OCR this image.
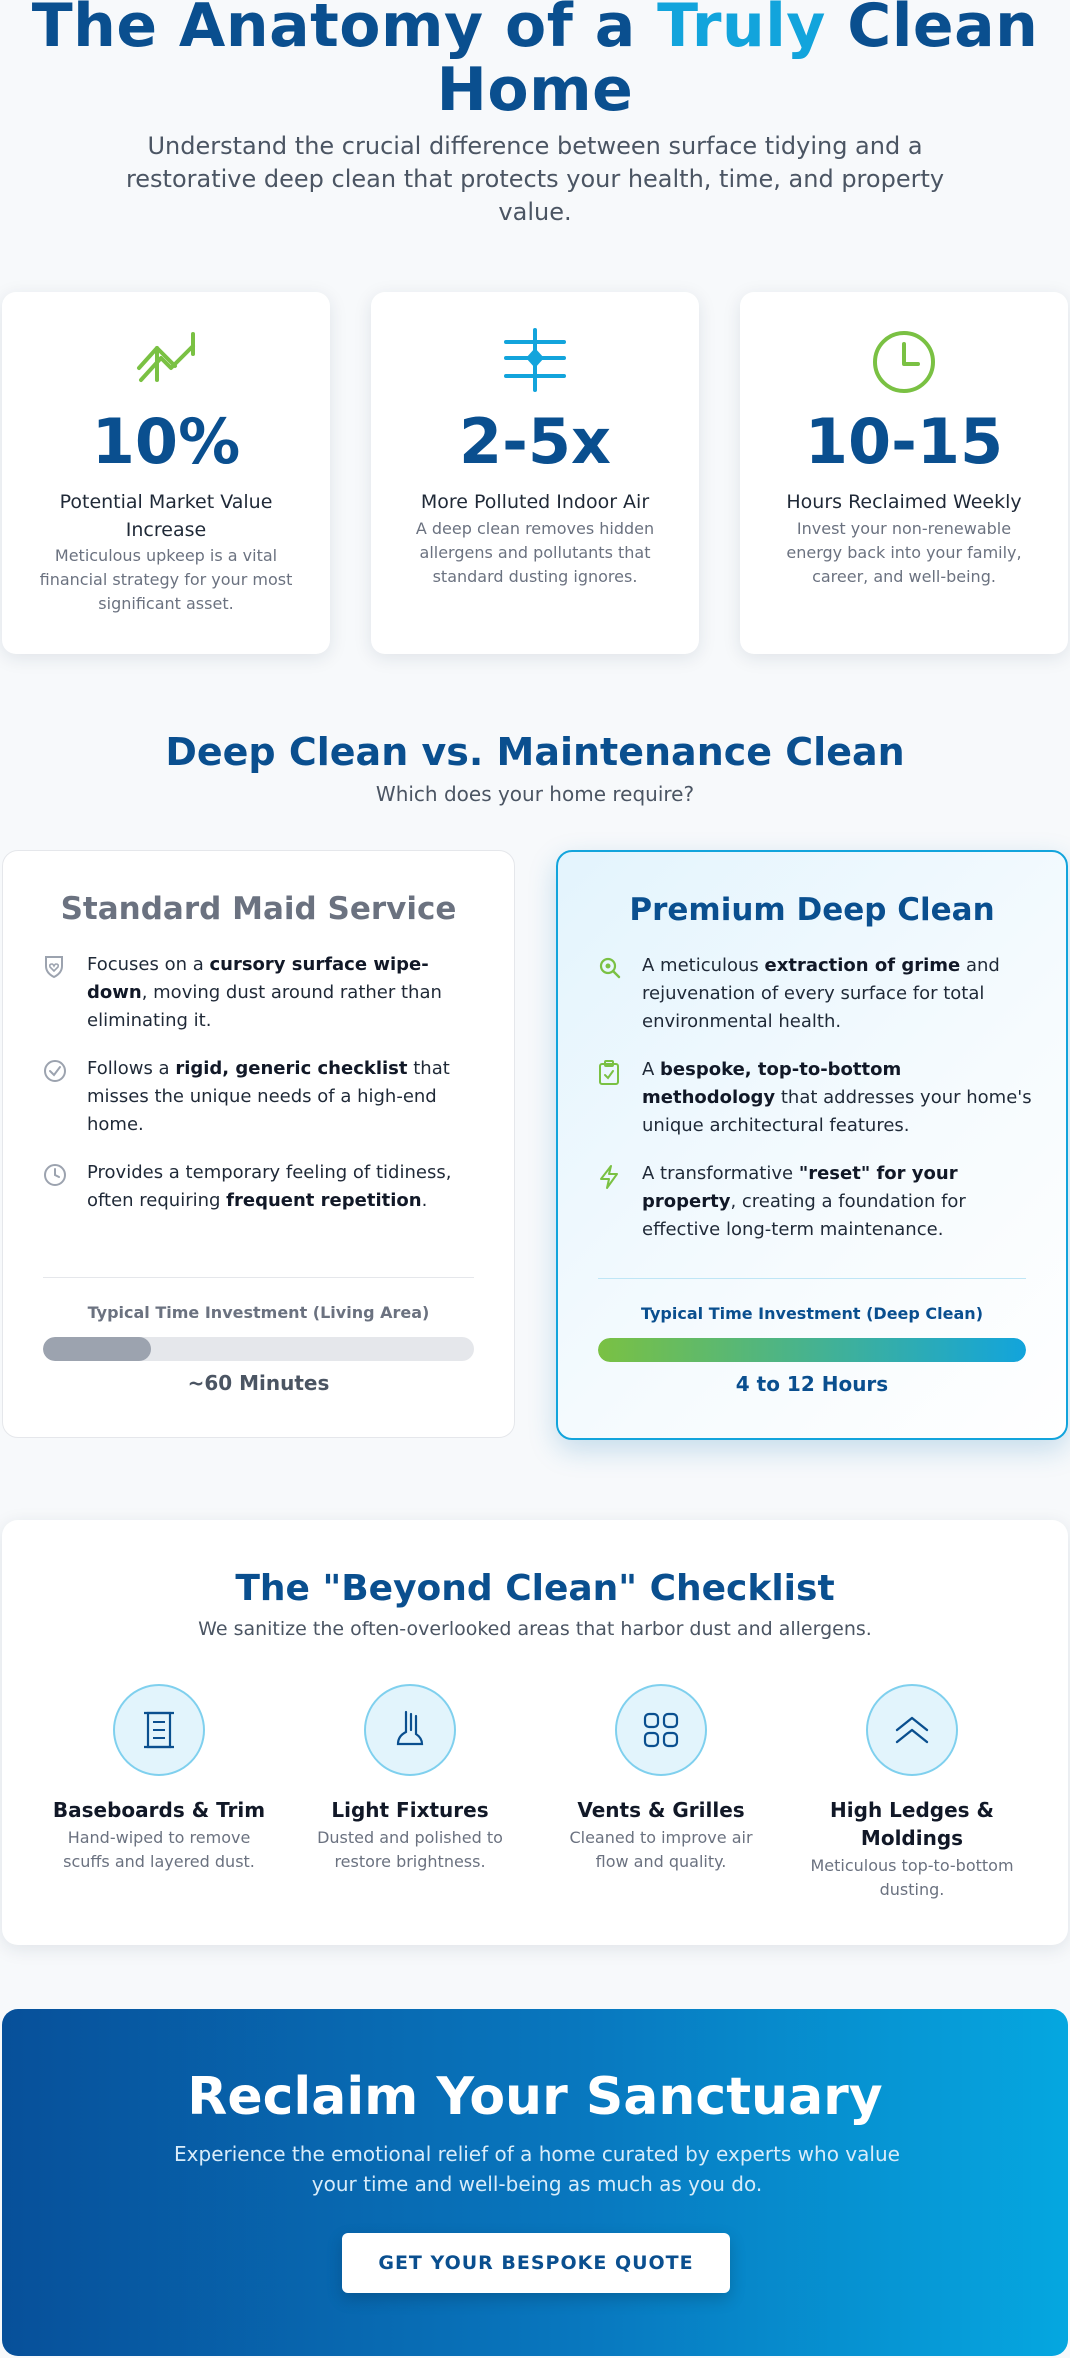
The Anatomy of a Truly Clean Home

Understand the crucial difference between surface tidying and a restorative deep clean that protects your health, time, and property value.

10%
Potential Market Value Increase
Meticulous upkeep is a vital financial strategy for your most significant asset.
2-5x
More Polluted Indoor Air
A deep clean removes hidden allergens and pollutants that standard dusting ignores.
10-15
Hours Reclaimed Weekly
Invest your non-renewable energy back into your family, career, and well-being.
Deep Clean vs. Maintenance Clean

Which does your home require?

Standard Maid Service
Focuses on a cursory surface wipe-down, moving dust around rather than eliminating it.
Follows a rigid, generic checklist that misses the unique needs of a high-end home.
Provides a temporary feeling of tidiness, often requiring frequent repetition.
Typical Time Investment (Living Area)
~60 Minutes
Premium Deep Clean
A meticulous extraction of grime and rejuvenation of every surface for total environmental health.
A bespoke, top-to-bottom methodology that addresses your home's unique architectural features.
A transformative "reset" for your property, creating a foundation for effective long-term maintenance.
Typical Time Investment (Deep Clean)
4 to 12 Hours
The "Beyond Clean" Checklist

We sanitize the often-overlooked areas that harbor dust and allergens.

Baseboards & Trim
Hand-wiped to remove scuffs and layered dust.
Light Fixtures
Dusted and polished to restore brightness.
Vents & Grilles
Cleaned to improve air flow and quality.
High Ledges & Moldings
Meticulous top-to-bottom dusting.
Reclaim Your Sanctuary

Experience the emotional relief of a home curated by experts who value your time and well-being as much as you do.

GET YOUR BESPOKE QUOTE
